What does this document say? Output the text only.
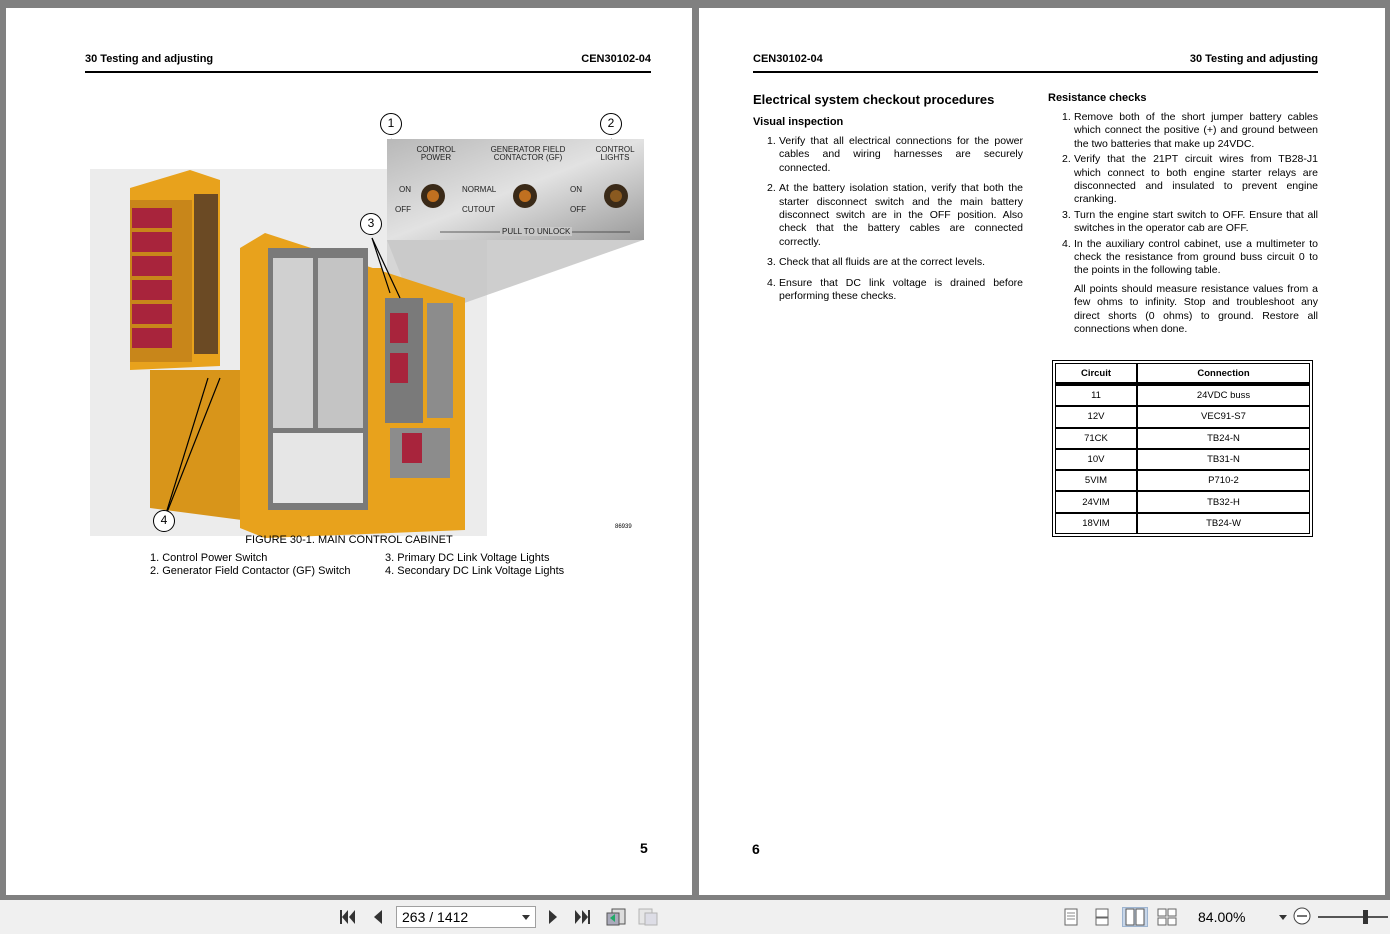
30 Testing and adjusting	CEN30102-04
CONTROL POWER
GENERATOR FIELD CONTACTOR (GF)
CONTROL LIGHTS
ON
OFF
NORMAL
CUTOUT
ON
OFF
PULL TO UNLOCK
1	2
3
4	86939
FIGURE 30-1. MAIN CONTROL CABINET
1. Control Power Switch	3. Primary DC Link Voltage Lights
2. Generator Field Contactor (GF) Switch	4. Secondary DC Link Voltage Lights
5
CEN30102-04	30 Testing and adjusting
Electrical system checkout procedures
Visual inspection
1. Verify that all electrical connections for the power cables and wiring harnesses are securely connected.
2. At the battery isolation station, verify that both the starter disconnect switch and the main battery disconnect switch are in the OFF position. Also check that the battery cables are connected correctly.
3. Check that all fluids are at the correct levels.
4. Ensure that DC link voltage is drained before performing these checks.
Resistance checks
1. Remove both of the short jumper battery cables which connect the positive (+) and ground between the two batteries that make up 24VDC.
2. Verify that the 21PT circuit wires from TB28-J1 which connect to both engine starter relays are disconnected and insulated to prevent engine cranking.
3. Turn the engine start switch to OFF. Ensure that all switches in the operator cab are OFF.
4. In the auxiliary control cabinet, use a multimeter to check the resistance from ground buss circuit 0 to the points in the following table.

All points should measure resistance values from a few ohms to infinity. Stop and troubleshoot any direct shorts (0 ohms) to ground. Restore all connections when done.

Circuit	Connection
11	24VDC buss
12V	VEC91-S7
71CK	TB24-N
10V	TB31-N
5VIM	P710-2
24VIM	TB32-H
18VIM	TB24-W
6
263 / 1412	84.00%
